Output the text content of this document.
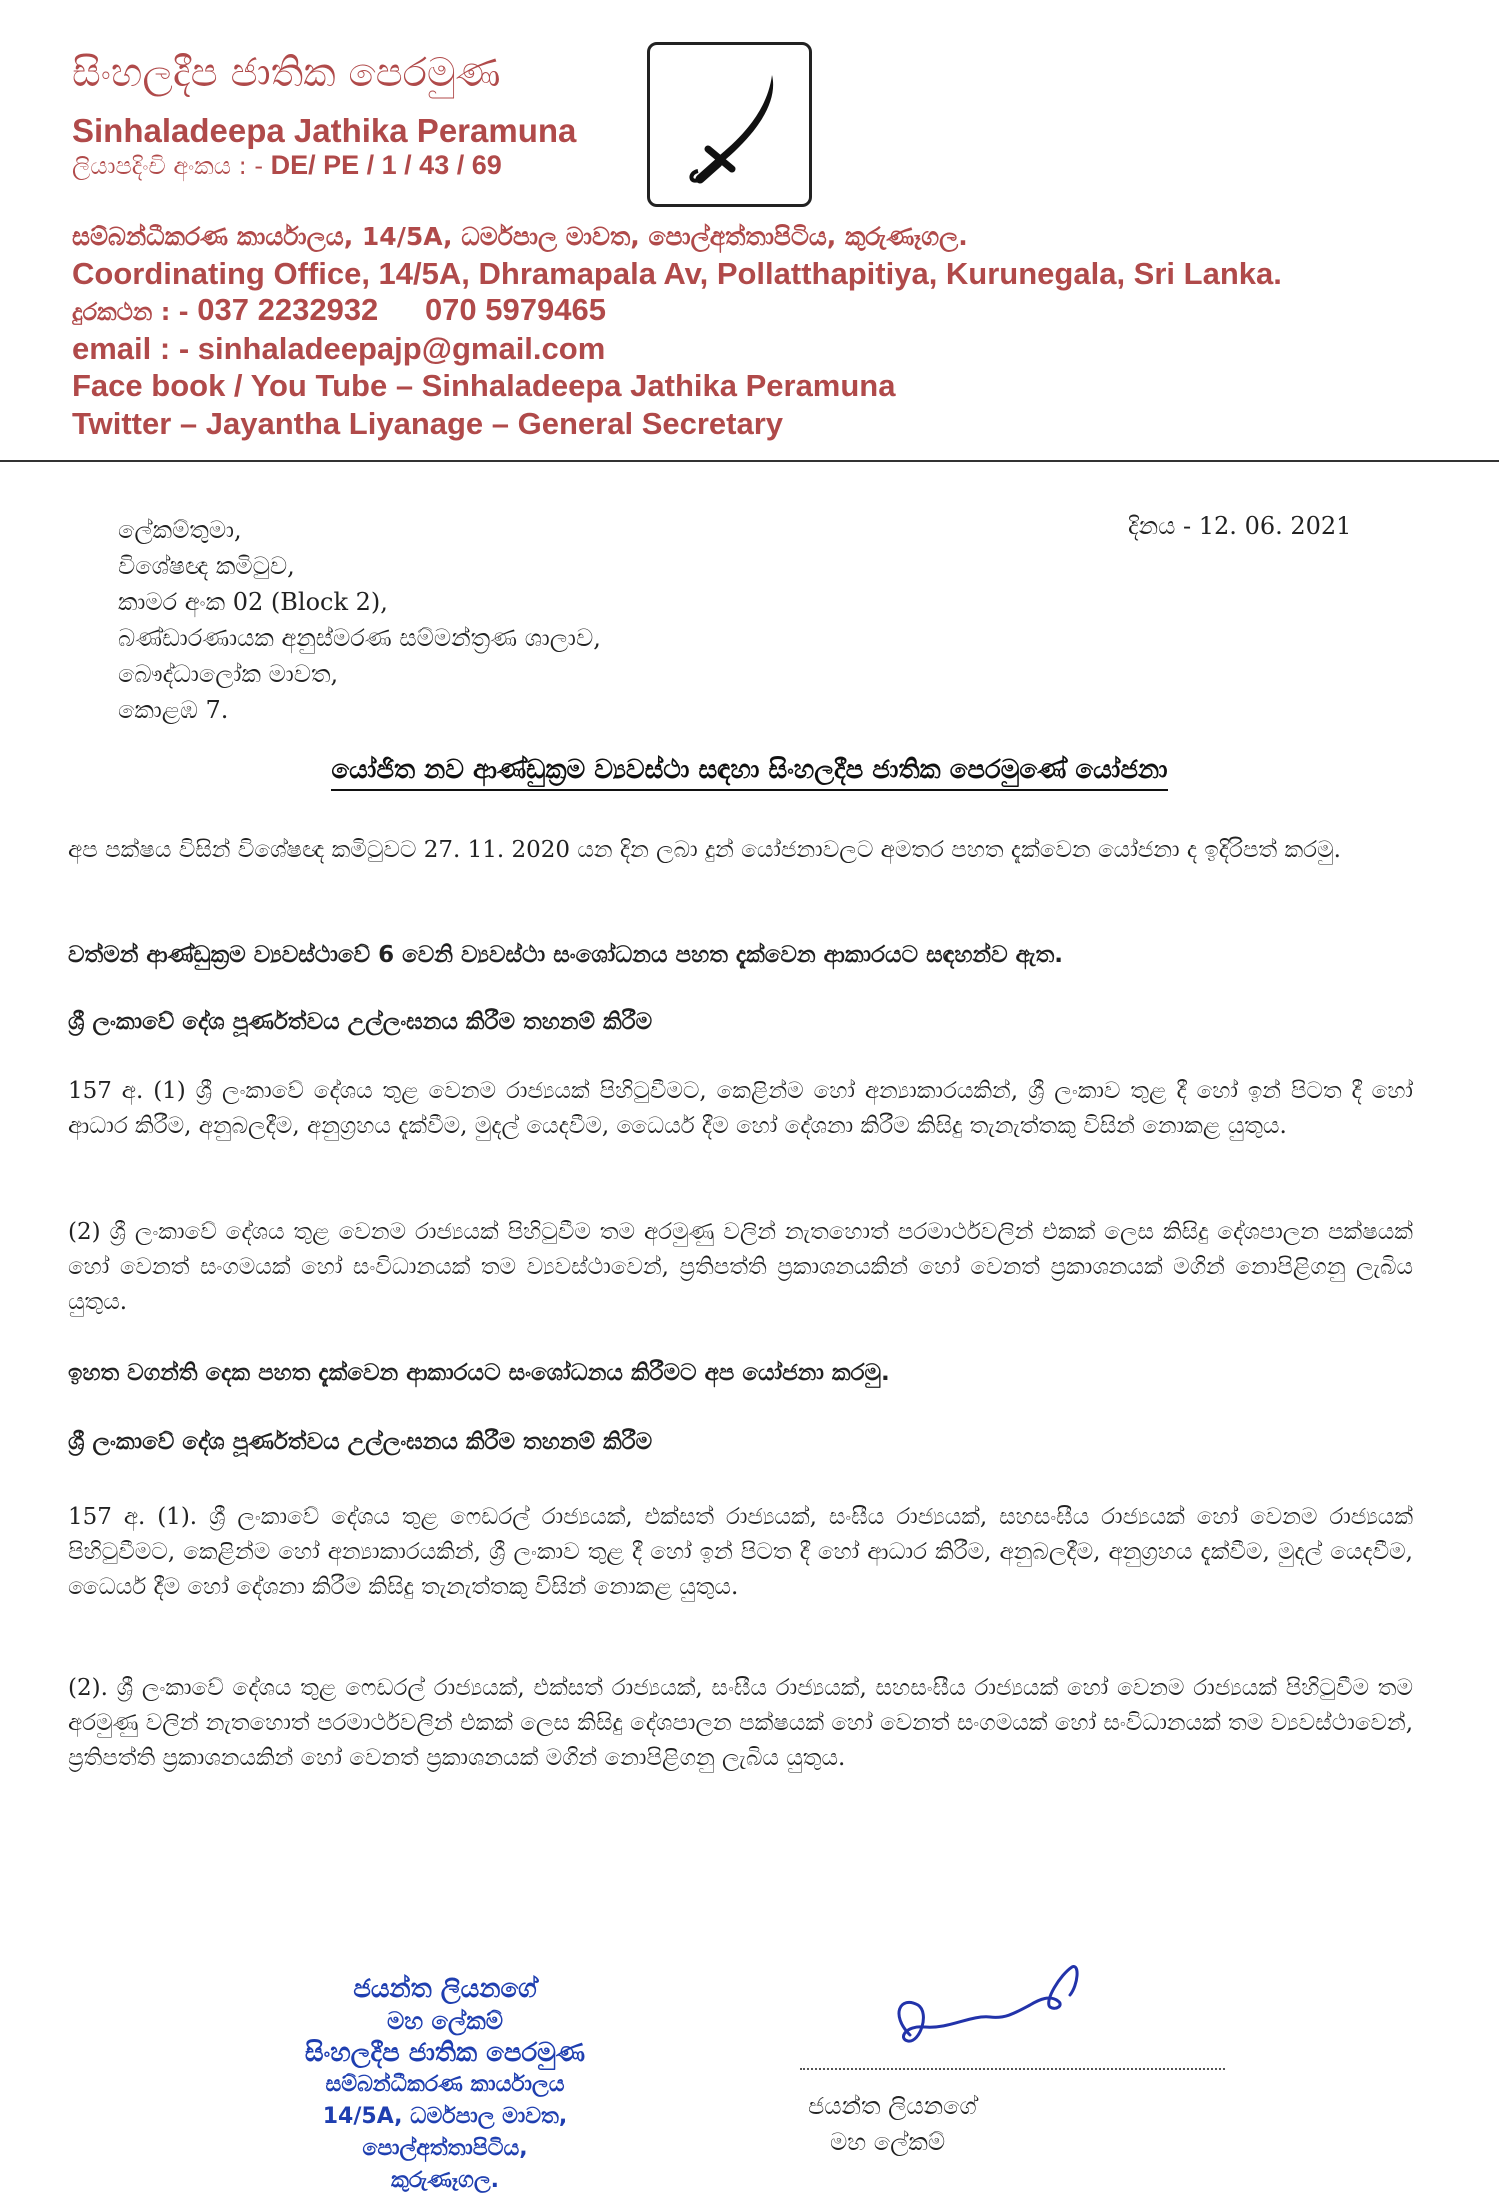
සිංහලදීප ජාතික පෙරමුණ
Sinhaladeepa Jathika Peramuna
ලියාපදිංචි අංකය : - DE/ PE / 1 / 43 / 69
සම්බන්ධීකරණ කාර්යාලය, 14/5A, ධර්මපාල මාවත, පොල්අත්තාපිටිය, කුරුණෑගල.
Coordinating Office, 14/5A, Dhramapala Av, Pollatthapitiya, Kurunegala, Sri Lanka.
දුරකථන : - 037 2232932 070 5979465
email : - sinhaladeepajp@gmail.com
Face book / You Tube – Sinhaladeepa Jathika Peramuna
Twitter – Jayantha Liyanage – General Secretary
ලේකම්තුමා,
විශේෂඥ කමිටුව,
කාමර අංක 02 (Block 2),
බණ්ඩාරණායක අනුස්මරණ සම්මන්ත්‍රණ ශාලාව,
බෞද්ධාලෝක මාවත,
කොළඹ 7.
දිනය - 12. 06. 2021
යෝජිත නව ආණ්ඩුක්‍රම ව්‍යවස්ථා සඳහා සිංහලදීප ජාතික පෙරමුණේ යෝජනා
අප පක්ෂය විසින් විශේෂඥ කමිටුවට 27. 11. 2020 යන දින ලබා දුන් යෝජනාවලට අමතර පහත දැක්වෙන යෝජනා ද ඉදිරිපත් කරමු.
වත්මන් ආණ්ඩුක්‍රම ව්‍යවස්ථාවේ 6 වෙනි ව්‍යවස්ථා සංශෝධනය පහත දැක්වෙන ආකාරයට සඳහන්ව ඇත.
ශ්‍රී ලංකාවේ දේශ පූර්ණත්වය උල්ලංඝනය කිරීම තහනම් කිරීම
157 අ. (1) ශ්‍රී ලංකාවේ දේශය තුළ වෙනම රාජ්‍යයක් පිහිටුවීමට, කෙළින්ම හෝ අන්‍යාකාරයකින්, ශ්‍රී ලංකාව තුළ දී හෝ ඉන් පිටත දී හෝ ආධාර කිරීම, අනුබලදීම, අනුග්‍රහය දැක්වීම, මුදල් යෙදවීම, ධෛර්ය දීම හෝ දේශනා කිරීම කිසිදු තැනැත්තකු විසින් නොකළ යුතුය.
(2) ශ්‍රී ලංකාවේ දේශය තුළ වෙනම රාජ්‍යයක් පිහිටුවීම තම අරමුණු වලින් නැතහොත් පරමාර්ථවලින් එකක් ලෙස කිසිදු දේශපාලන පක්ෂයක් හෝ වෙනත් සංගමයක් හෝ සංවිධානයක් තම ව්‍යවස්ථාවෙන්, ප්‍රතිපත්ති ප්‍රකාශනයකින් හෝ වෙනත් ප්‍රකාශනයක් මගින් නොපිළිගනු ලැබිය යුතුය.
ඉහත වගන්ති දෙක පහත දැක්වෙන ආකාරයට සංශෝධනය කිරීමට අප යෝජනා කරමු.
ශ්‍රී ලංකාවේ දේශ පූර්ණත්වය උල්ලංඝනය කිරීම තහනම් කිරීම
157 අ. (1). ශ්‍රී ලංකාවේ දේශය තුළ ෆෙඩරල් රාජ්‍යයක්, එක්සත් රාජ්‍යයක්, සංඝීය රාජ්‍යයක්, සහසංඝීය රාජ්‍යයක් හෝ වෙනම රාජ්‍යයක් පිහිටුවීමට, කෙළින්ම හෝ අන්‍යාකාරයකින්, ශ්‍රී ලංකාව තුළ දී හෝ ඉන් පිටත දී හෝ ආධාර කිරීම, අනුබලදීම, අනුග්‍රහය දැක්වීම, මුදල් යෙදවීම, ධෛර්ය දීම හෝ දේශනා කිරීම කිසිදු තැනැත්තකු විසින් නොකළ යුතුය.
(2). ශ්‍රී ලංකාවේ දේශය තුළ ෆෙඩරල් රාජ්‍යයක්, එක්සත් රාජ්‍යයක්, සංඝීය රාජ්‍යයක්, සහසංඝීය රාජ්‍යයක් හෝ වෙනම රාජ්‍යයක් පිහිටුවීම තම අරමුණු වලින් නැතහොත් පරමාර්ථවලින් එකක් ලෙස කිසිදු දේශපාලන පක්ෂයක් හෝ වෙනත් සංගමයක් හෝ සංවිධානයක් තම ව්‍යවස්ථාවෙන්, ප්‍රතිපත්ති ප්‍රකාශනයකින් හෝ වෙනත් ප්‍රකාශනයක් මගින් නොපිළිගනු ලැබිය යුතුය.
ජයන්ත ලියනගේ
මහ ලේකම්
සිංහලදීප ජාතික පෙරමුණ
සම්බන්ධීකරණ කාර්යාලය
14/5A, ධර්මපාල මාවත, පොල්අත්තාපිටිය,
කුරුණෑගල.
ජයන්ත ලියනගේ
මහ ලේකම්
